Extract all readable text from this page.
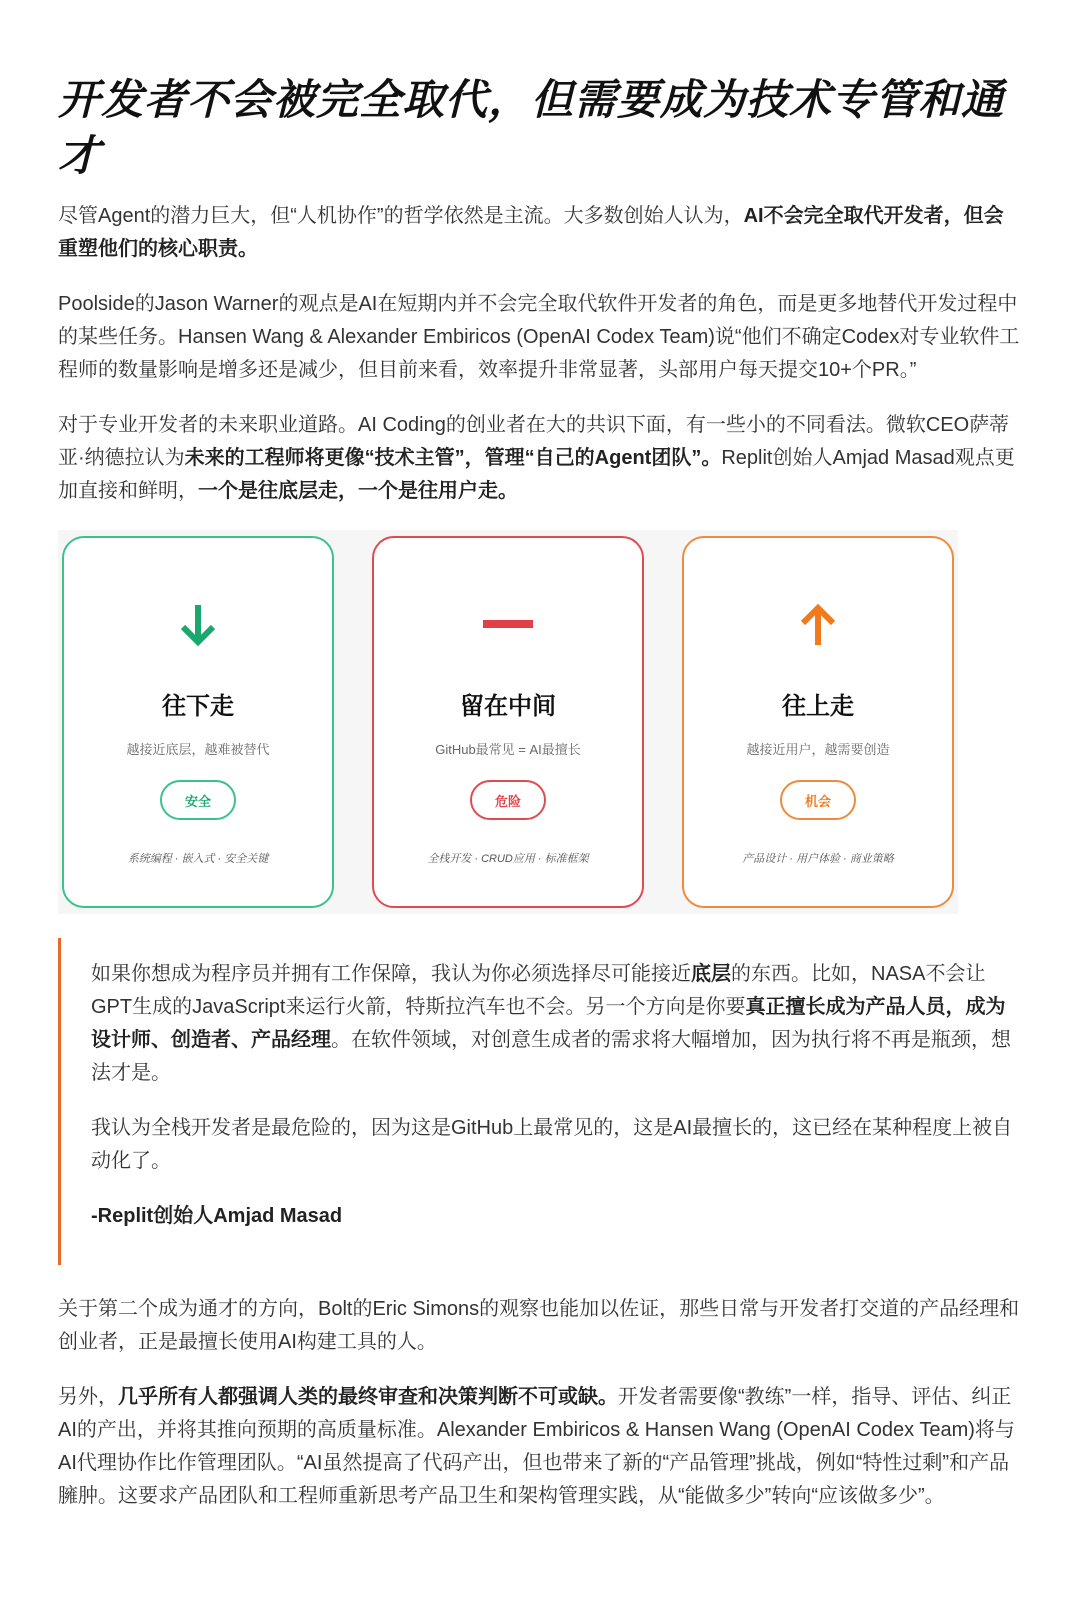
开发者不会被完全取代，但需要成为技术专管和通才

尽管Agent的潜力巨大，但“人机协作”的哲学依然是主流。大多数创始人认为，AI不会完全取代开发者，但会重塑他们的核心职责。

Poolside的Jason Warner的观点是AI在短期内并不会完全取代软件开发者的角色，而是更多地替代开发过程中的某些任务。Hansen Wang & Alexander Embiricos (OpenAI Codex Team)说“他们不确定Codex对专业软件工程师的数量影响是增多还是减少，但目前来看，效率提升非常显著，头部用户每天提交10+个PR。”

对于专业开发者的未来职业道路。AI Coding的创业者在大的共识下面，有一些小的不同看法。微软CEO萨蒂亚·纳德拉认为未来的工程师将更像“技术主管”，管理“自己的Agent团队”。Replit创始人Amjad Masad观点更加直接和鲜明，一个是往底层走，一个是往用户走。

往下走
越接近底层，越难被替代
安全
系统编程 · 嵌入式 · 安全关键
留在中间
GitHub最常见 = AI最擅长
危险
全栈开发 · CRUD应用 · 标准框架
往上走
越接近用户，越需要创造
机会
产品设计 · 用户体验 · 商业策略

如果你想成为程序员并拥有工作保障，我认为你必须选择尽可能接近底层的东西。比如，NASA不会让GPT生成的JavaScript来运行火箭，特斯拉汽车也不会。另一个方向是你要真正擅长成为产品人员，成为设计师、创造者、产品经理。在软件领域，对创意生成者的需求将大幅增加，因为执行将不再是瓶颈，想法才是。

我认为全栈开发者是最危险的，因为这是GitHub上最常见的，这是AI最擅长的，这已经在某种程度上被自动化了。

-Replit创始人Amjad Masad

关于第二个成为通才的方向，Bolt的Eric Simons的观察也能加以佐证，那些日常与开发者打交道的产品经理和创业者，正是最擅长使用AI构建工具的人。

另外，几乎所有人都强调人类的最终审查和决策判断不可或缺。开发者需要像“教练”一样，指导、评估、纠正AI的产出，并将其推向预期的高质量标准。Alexander Embiricos & Hansen Wang (OpenAI Codex Team)将与AI代理协作比作管理团队。“AI虽然提高了代码产出，但也带来了新的“产品管理”挑战，例如“特性过剩”和产品臃肿。这要求产品团队和工程师重新思考产品卫生和架构管理实践，从“能做多少”转向“应该做多少”。
